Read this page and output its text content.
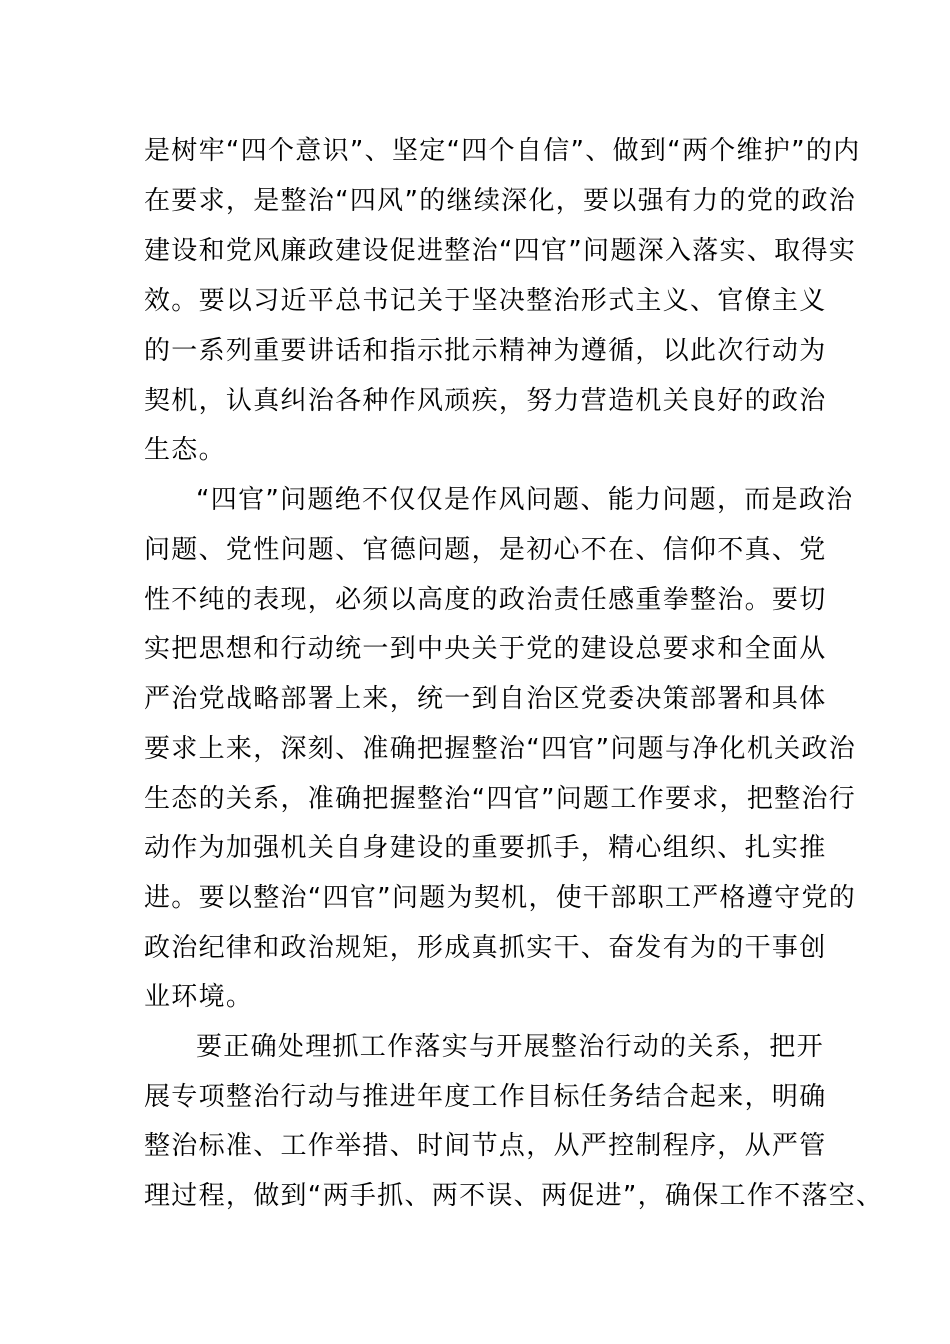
是树牢“四个意识”、坚定“四个自信”、做到“两个维护”的内
在要求，是整治“四风”的继续深化，要以强有力的党的政治
建设和党风廉政建设促进整治“四官”问题深入落实、取得实
效。要以习近平总书记关于坚决整治形式主义、官僚主义
的一系列重要讲话和指示批示精神为遵循，以此次行动为
契机，认真纠治各种作风顽疾，努力营造机关良好的政治
生态。
“四官”问题绝不仅仅是作风问题、能力问题，而是政治
问题、党性问题、官德问题，是初心不在、信仰不真、党
性不纯的表现，必须以高度的政治责任感重拳整治。要切
实把思想和行动统一到中央关于党的建设总要求和全面从
严治党战略部署上来，统一到自治区党委决策部署和具体
要求上来，深刻、准确把握整治“四官”问题与净化机关政治
生态的关系，准确把握整治“四官”问题工作要求，把整治行
动作为加强机关自身建设的重要抓手，精心组织、扎实推
进。要以整治“四官”问题为契机，使干部职工严格遵守党的
政治纪律和政治规矩，形成真抓实干、奋发有为的干事创
业环境。
要正确处理抓工作落实与开展整治行动的关系，把开
展专项整治行动与推进年度工作目标任务结合起来，明确
整治标准、工作举措、时间节点，从严控制程序，从严管
理过程，做到“两手抓、两不误、两促进”，确保工作不落空、
